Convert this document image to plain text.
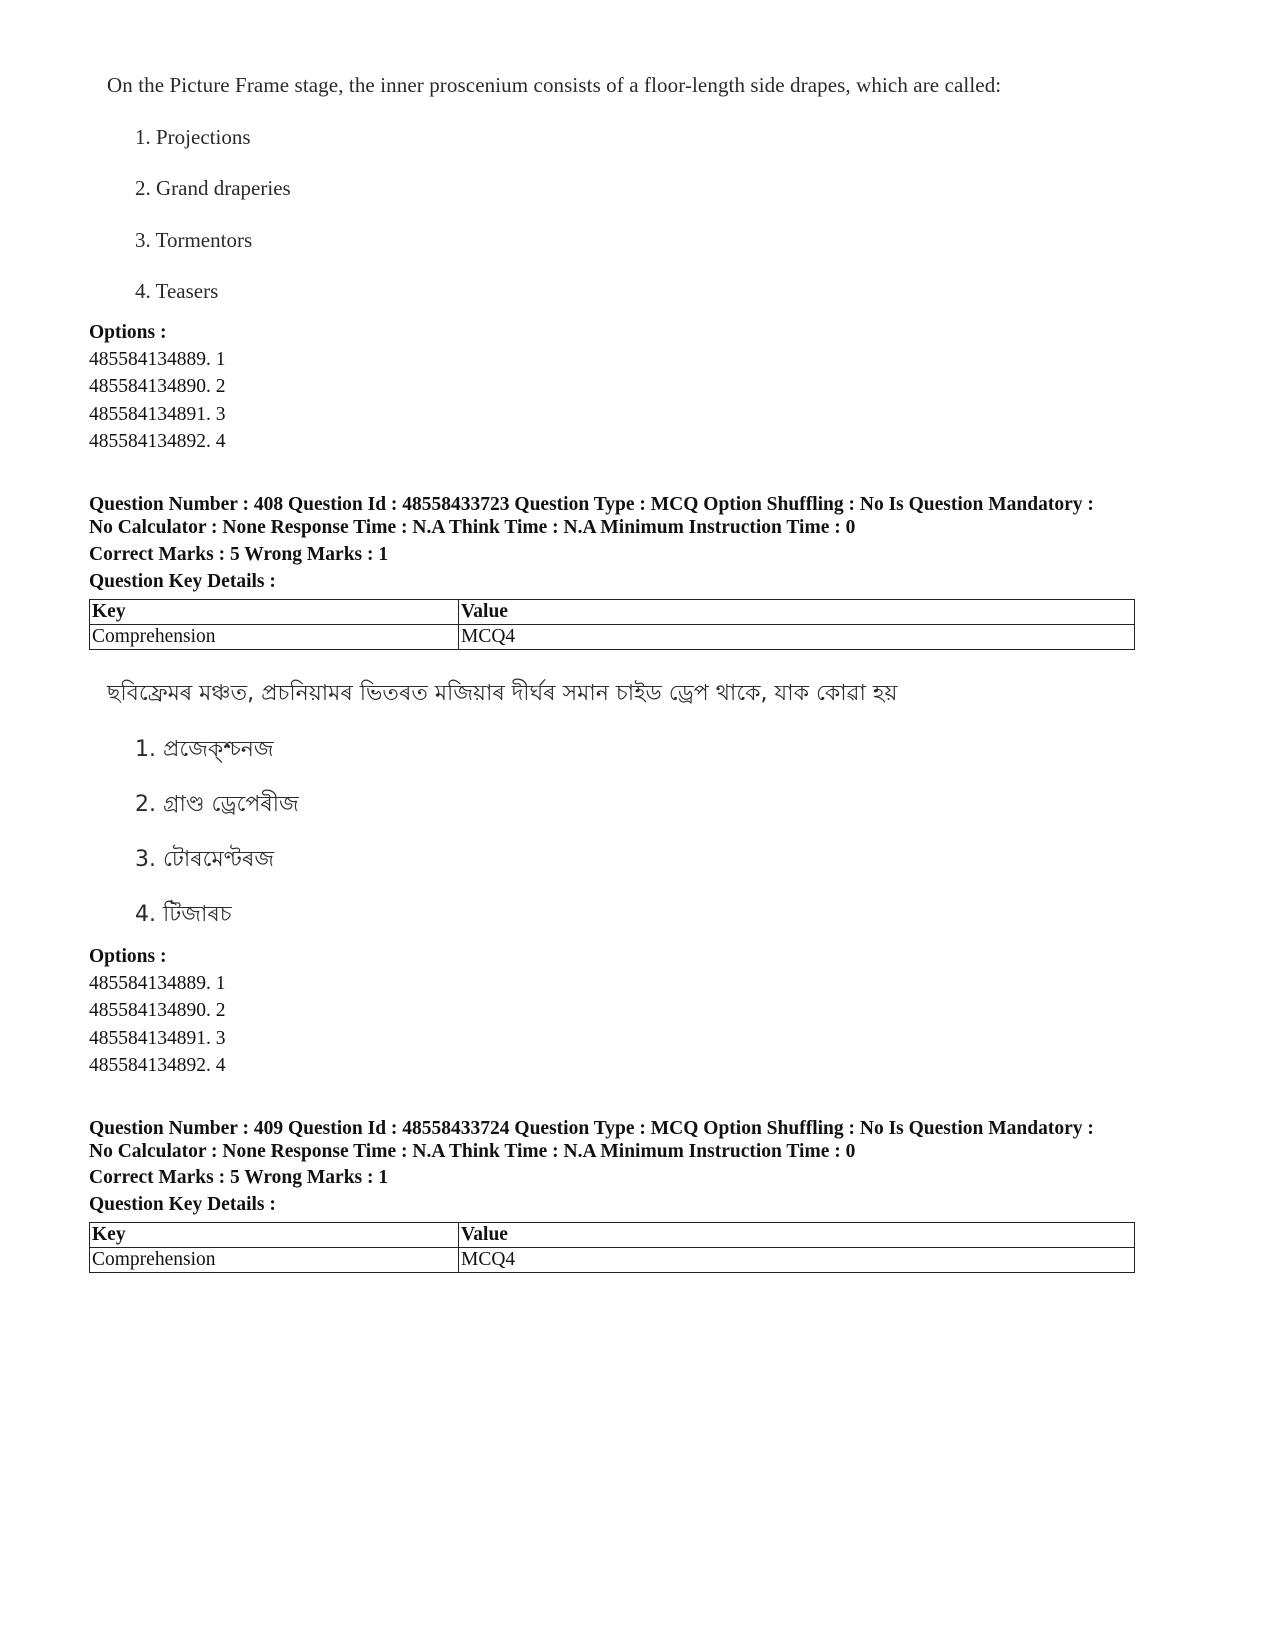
On the Picture Frame stage, the inner proscenium consists of a floor-length side drapes, which are called:
1. Projections
2. Grand draperies
3. Tormentors
4. Teasers
Options :
485584134889. 1
485584134890. 2
485584134891. 3
485584134892. 4
Question Number : 408 Question Id : 48558433723 Question Type : MCQ Option Shuffling : No Is Question Mandatory :
No Calculator : None Response Time : N.A Think Time : N.A Minimum Instruction Time : 0
Correct Marks : 5 Wrong Marks : 1
Question Key Details :
Key	Value
Comprehension	MCQ4
ছবিফ্ৰেমৰ মঞ্চত, প্ৰচনিয়ামৰ ভিতৰত মজিয়াৰ দীৰ্ঘৰ সমান চাইড ড্ৰেপ থাকে, যাক কোৱা হয়
1. প্ৰজেক্‌শ্চনজ
2. গ্ৰাণ্ড ড্ৰেপেৰীজ
3. টোৰমেণ্টৰজ
4. টিজাৰচ
Options :
485584134889. 1
485584134890. 2
485584134891. 3
485584134892. 4
Question Number : 409 Question Id : 48558433724 Question Type : MCQ Option Shuffling : No Is Question Mandatory :
No Calculator : None Response Time : N.A Think Time : N.A Minimum Instruction Time : 0
Correct Marks : 5 Wrong Marks : 1
Question Key Details :
Key	Value
Comprehension	MCQ4
